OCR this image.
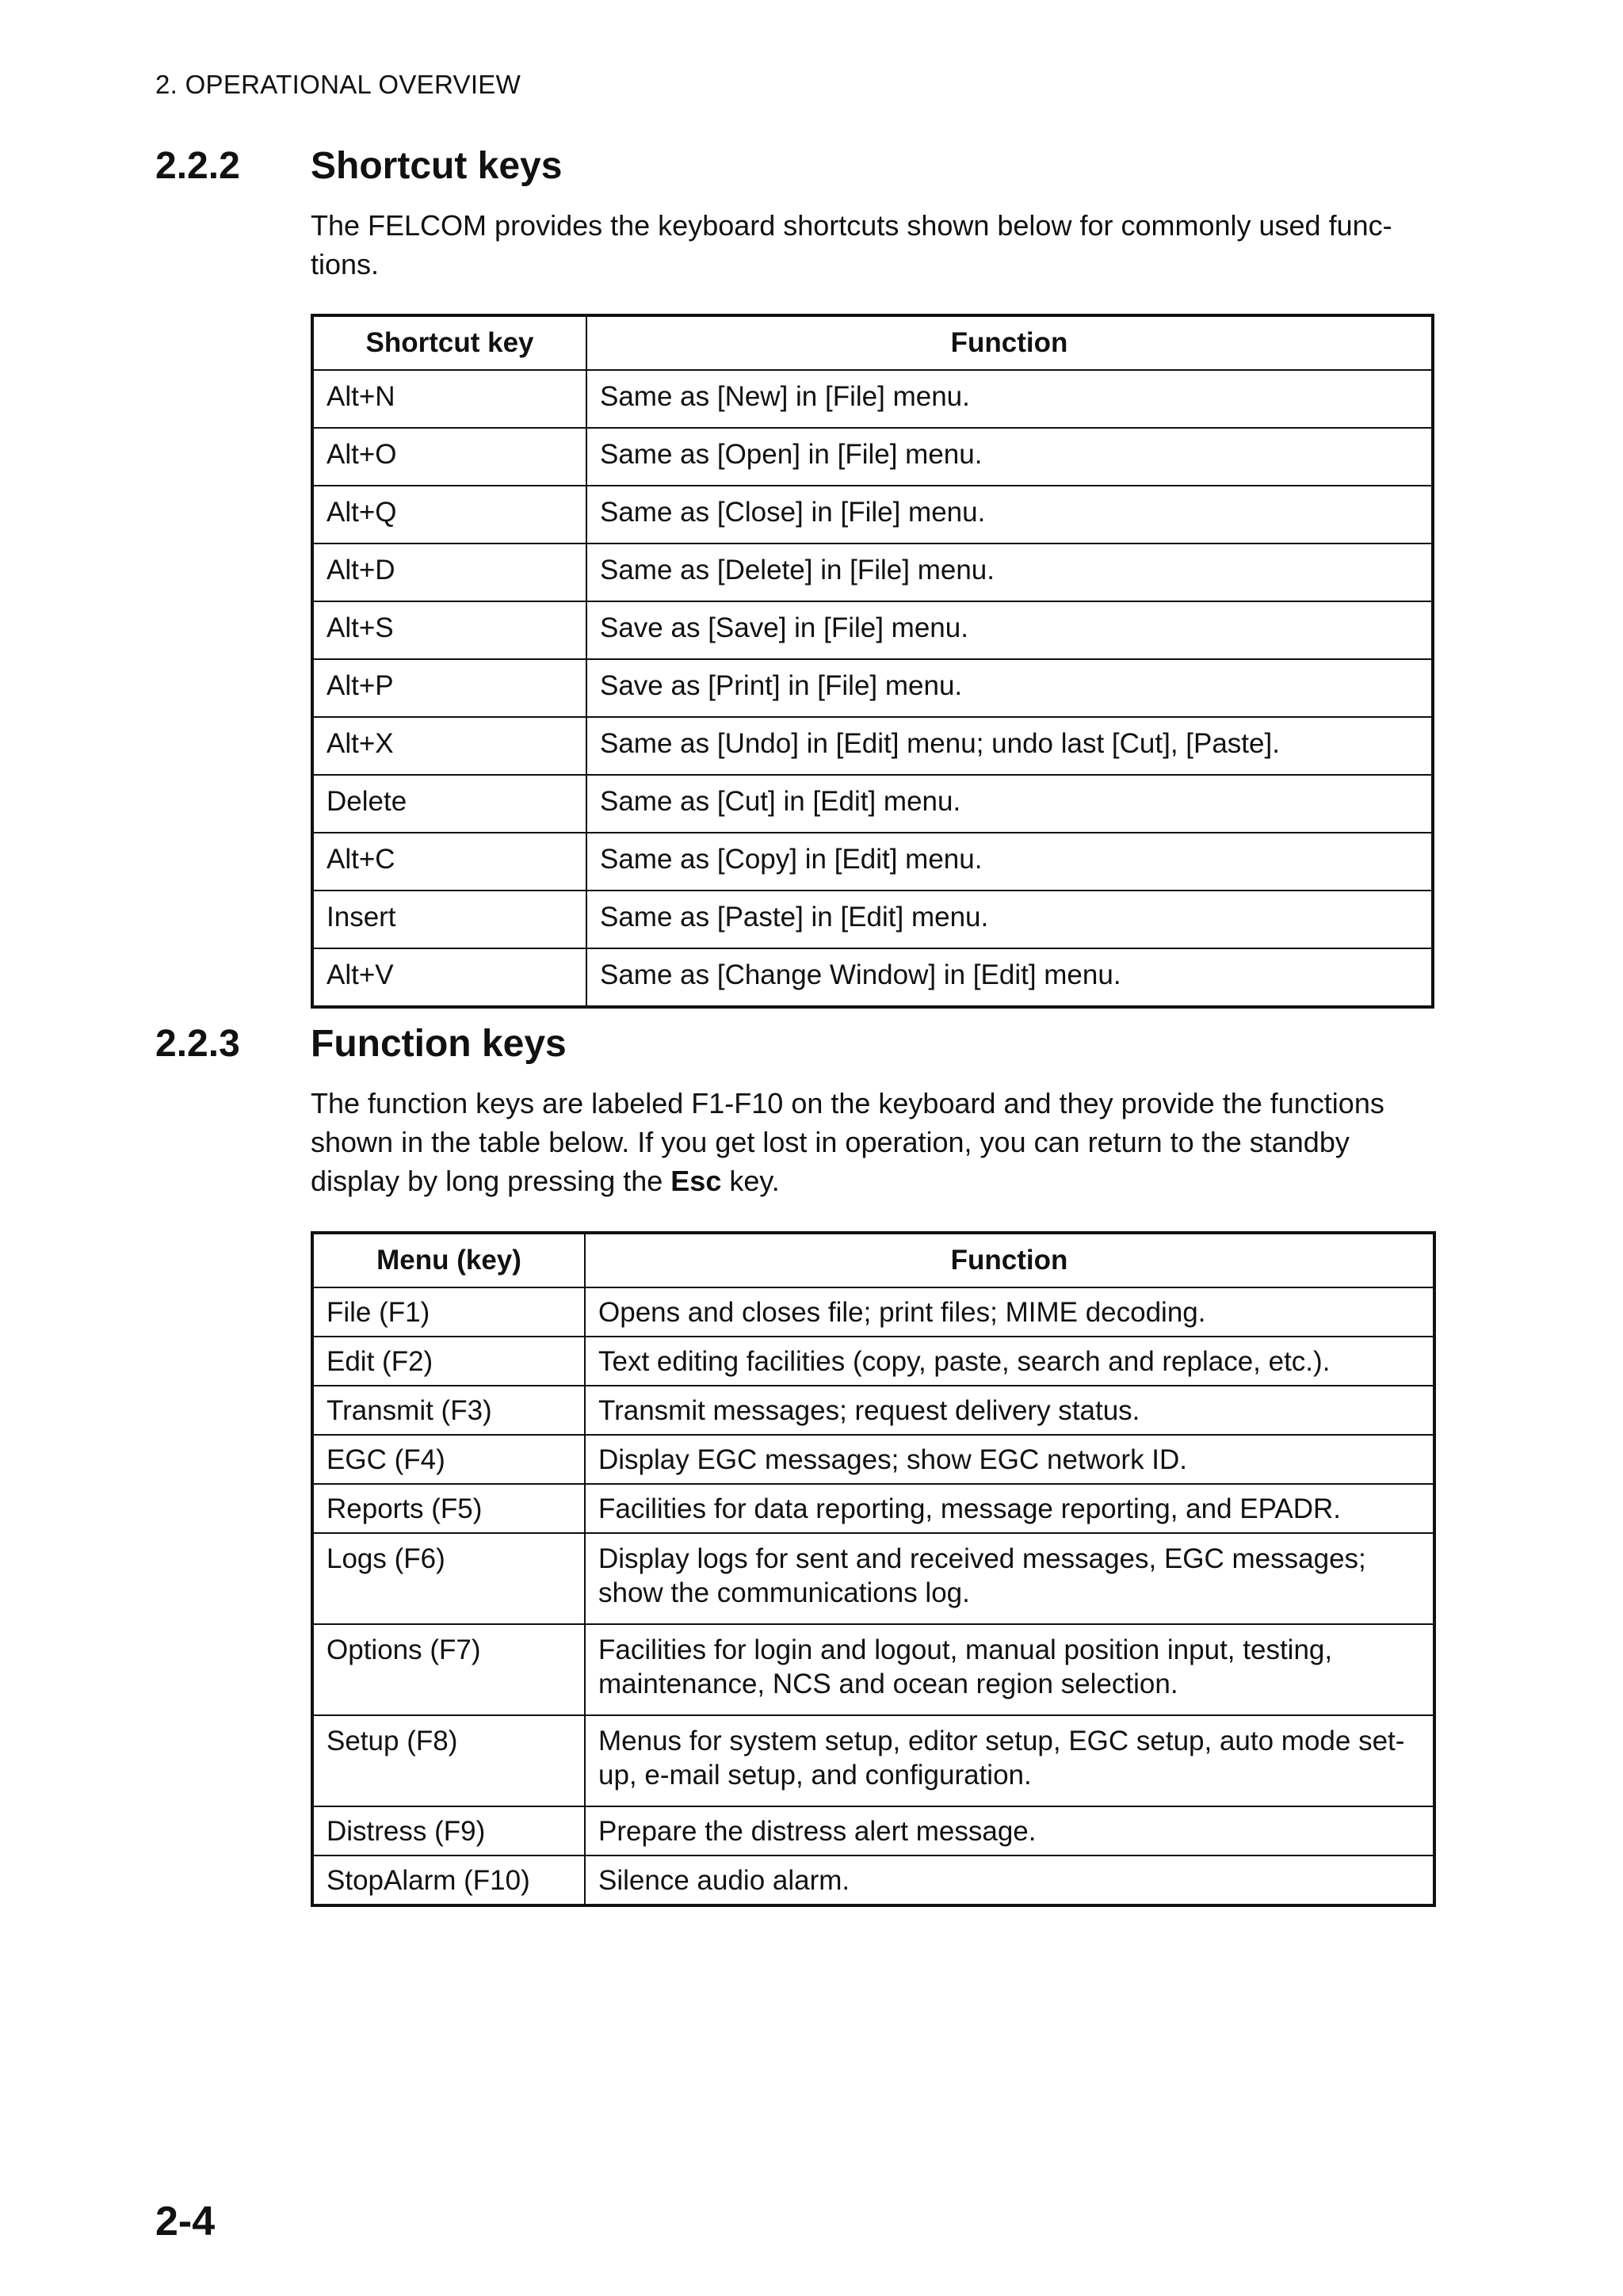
2. OPERATIONAL OVERVIEW
2.2.2	Shortcut keys
The FELCOM provides the keyboard shortcuts shown below for commonly used func-
tions.
Shortcut key	Function
Alt+N	Same as [New] in [File] menu.
Alt+O	Same as [Open] in [File] menu.
Alt+Q	Same as [Close] in [File] menu.
Alt+D	Same as [Delete] in [File] menu.
Alt+S	Save as [Save] in [File] menu.
Alt+P	Save as [Print] in [File] menu.
Alt+X	Same as [Undo] in [Edit] menu; undo last [Cut], [Paste].
Delete	Same as [Cut] in [Edit] menu.
Alt+C	Same as [Copy] in [Edit] menu.
Insert	Same as [Paste] in [Edit] menu.
Alt+V	Same as [Change Window] in [Edit] menu.
2.2.3	Function keys
The function keys are labeled F1-F10 on the keyboard and they provide the functions
shown in the table below. If you get lost in operation, you can return to the standby
display by long pressing the Esc key.
Menu (key)	Function
File (F1)	Opens and closes file; print files; MIME decoding.
Edit (F2)	Text editing facilities (copy, paste, search and replace, etc.).
Transmit (F3)	Transmit messages; request delivery status.
EGC (F4)	Display EGC messages; show EGC network ID.
Reports (F5)	Facilities for data reporting, message reporting, and EPADR.
Logs (F6)	Display logs for sent and received messages, EGC messages;
show the communications log.

Options (F7)	Facilities for login and logout, manual position input, testing,
maintenance, NCS and ocean region selection.

Setup (F8)	Menus for system setup, editor setup, EGC setup, auto mode set-
up, e-mail setup, and configuration.

Distress (F9)	Prepare the distress alert message.
StopAlarm (F10)	Silence audio alarm.
2-4
